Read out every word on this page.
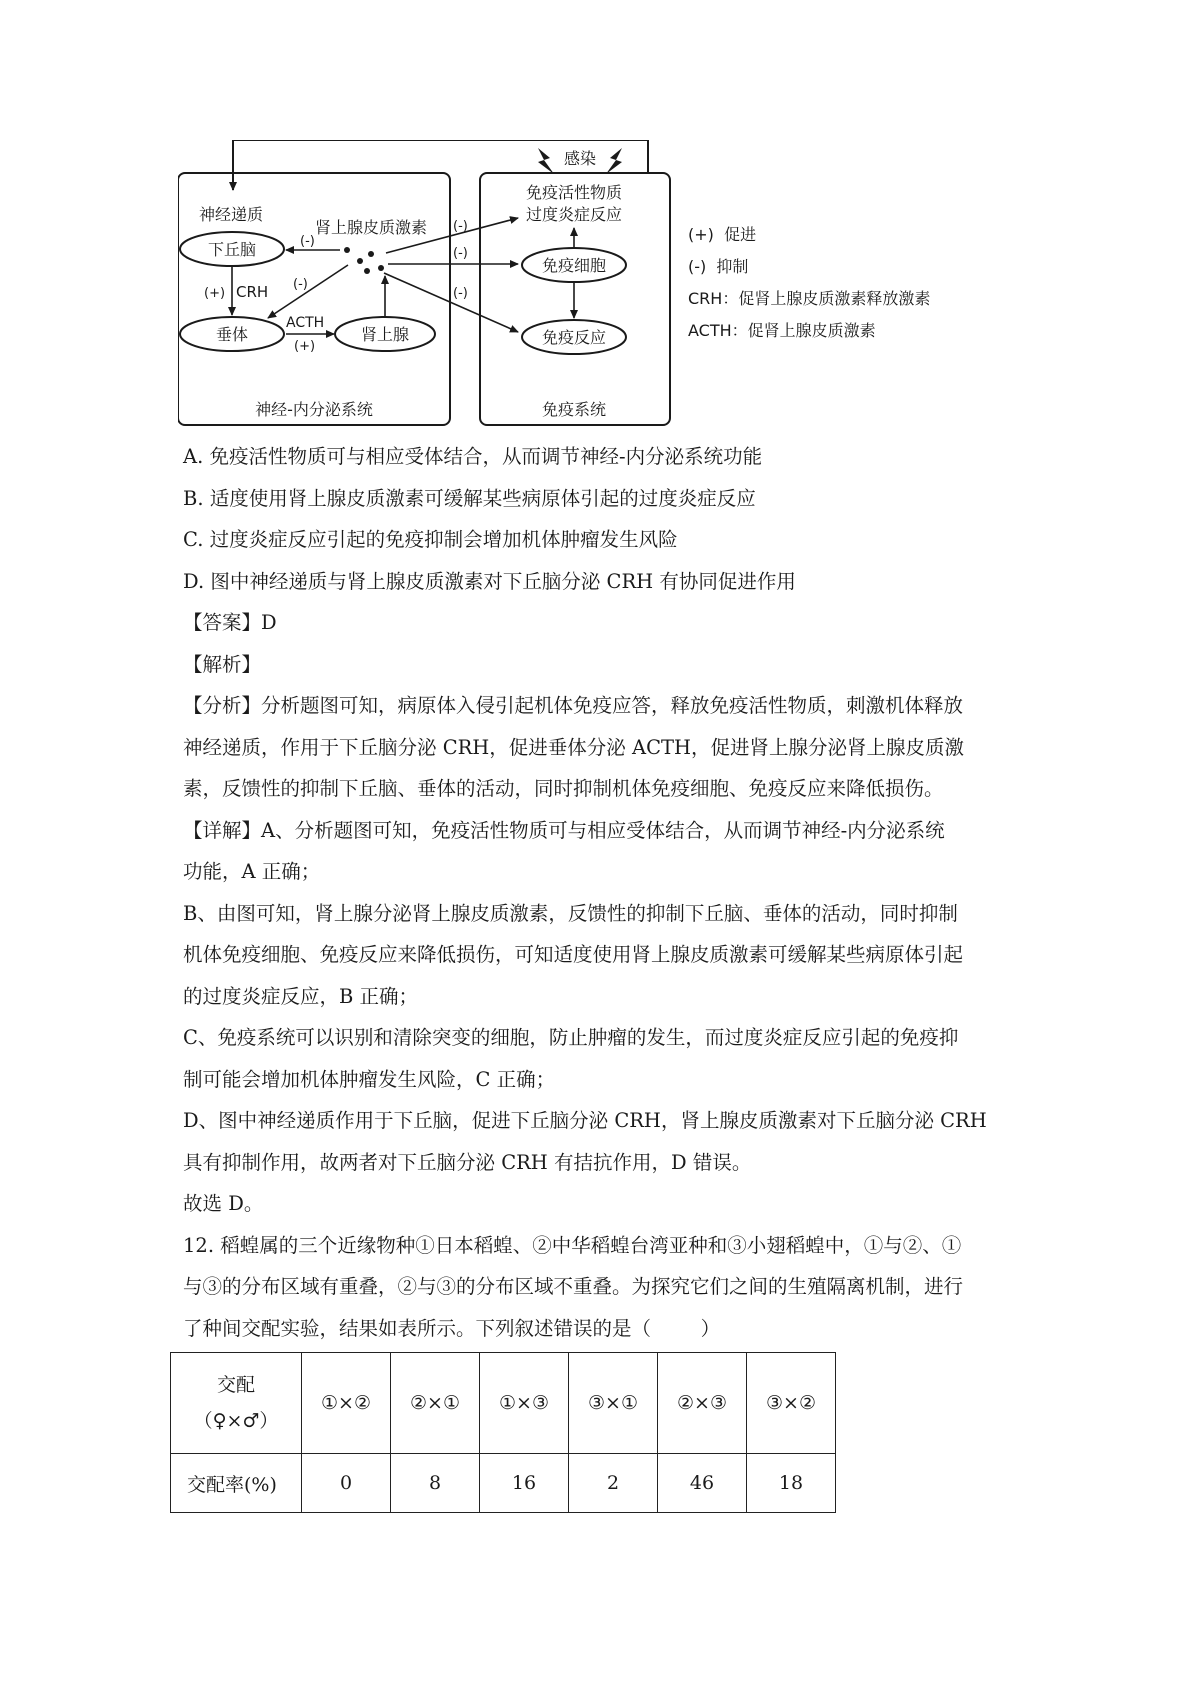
感染
神经递质
下丘脑
肾上腺皮质激素
(-)
(-)
(-)
(-)
(-)
(+) CRH
垂体
ACTH
(+)
肾上腺
神经-内分泌系统
免疫活性物质
过度炎症反应
免疫细胞
免疫反应
免疫系统
(+)  促进
(-)  抑制
CRH：促肾上腺皮质激素释放激素
ACTH：促肾上腺皮质激素
A. 免疫活性物质可与相应受体结合，从而调节神经-内分泌系统功能
B. 适度使用肾上腺皮质激素可缓解某些病原体引起的过度炎症反应
C. 过度炎症反应引起的免疫抑制会增加机体肿瘤发生风险
D. 图中神经递质与肾上腺皮质激素对下丘脑分泌 CRH 有协同促进作用
【答案】D
【解析】
【分析】分析题图可知，病原体入侵引起机体免疫应答，释放免疫活性物质，刺激机体释放
神经递质，作用于下丘脑分泌 CRH，促进垂体分泌 ACTH，促进肾上腺分泌肾上腺皮质激
素，反馈性的抑制下丘脑、垂体的活动，同时抑制机体免疫细胞、免疫反应来降低损伤。
【详解】A、分析题图可知，免疫活性物质可与相应受体结合，从而调节神经-内分泌系统
功能，A 正确；
B、由图可知，肾上腺分泌肾上腺皮质激素，反馈性的抑制下丘脑、垂体的活动，同时抑制
机体免疫细胞、免疫反应来降低损伤，可知适度使用肾上腺皮质激素可缓解某些病原体引起
的过度炎症反应，B 正确；
C、免疫系统可以识别和清除突变的细胞，防止肿瘤的发生，而过度炎症反应引起的免疫抑
制可能会增加机体肿瘤发生风险，C 正确；
D、图中神经递质作用于下丘脑，促进下丘脑分泌 CRH，肾上腺皮质激素对下丘脑分泌 CRH
具有抑制作用，故两者对下丘脑分泌 CRH 有拮抗作用，D 错误。
故选 D。
12. 稻蝗属的三个近缘物种①日本稻蝗、②中华稻蝗台湾亚种和③小翅稻蝗中，①与②、①
与③的分布区域有重叠，②与③的分布区域不重叠。为探究它们之间的生殖隔离机制，进行
了种间交配实验，结果如表所示。下列叙述错误的是（        ）
交配
（♀×♂）	①×②	②×①	①×③	③×①	②×③	③×②
交配率(%)	0	8	16	2	46	18
